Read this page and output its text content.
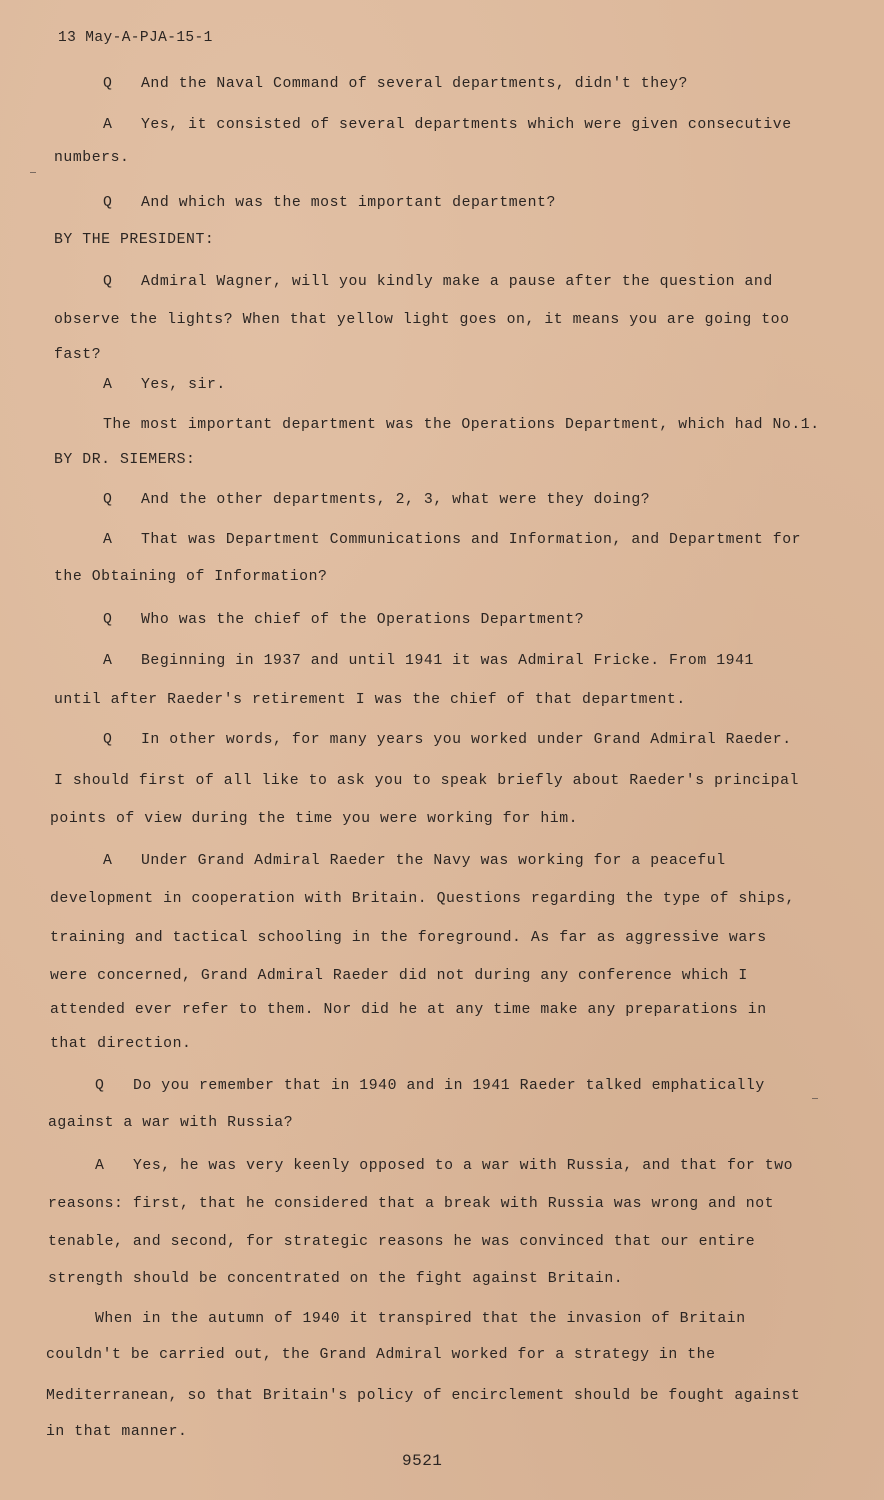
13 May-A-PJA-15-1
Q And the Naval Command of several departments, didn't they?
A Yes, it consisted of several departments which were given consecutive
numbers.
Q And which was the most important department?
BY THE PRESIDENT:
Q Admiral Wagner, will you kindly make a pause after the question and
observe the lights? When that yellow light goes on, it means you are going too
fast?
A Yes, sir.
The most important department was the Operations Department, which had No.1.
BY DR. SIEMERS:
Q And the other departments, 2, 3, what were they doing?
A That was Department Communications and Information, and Department for
the Obtaining of Information?
Q Who was the chief of the Operations Department?
A Beginning in 1937 and until 1941 it was Admiral Fricke. From 1941
until after Raeder's retirement I was the chief of that department.
Q In other words, for many years you worked under Grand Admiral Raeder.
I should first of all like to ask you to speak briefly about Raeder's principal
points of view during the time you were working for him.
A Under Grand Admiral Raeder the Navy was working for a peaceful
development in cooperation with Britain. Questions regarding the type of ships,
training and tactical schooling in the foreground. As far as aggressive wars
were concerned, Grand Admiral Raeder did not during any conference which I
attended ever refer to them. Nor did he at any time make any preparations in
that direction.
Q Do you remember that in 1940 and in 1941 Raeder talked emphatically
against a war with Russia?
A Yes, he was very keenly opposed to a war with Russia, and that for two
reasons: first, that he considered that a break with Russia was wrong and not
tenable, and second, for strategic reasons he was convinced that our entire
strength should be concentrated on the fight against Britain.
When in the autumn of 1940 it transpired that the invasion of Britain
couldn't be carried out, the Grand Admiral worked for a strategy in the
Mediterranean, so that Britain's policy of encirclement should be fought against
in that manner.
9521
